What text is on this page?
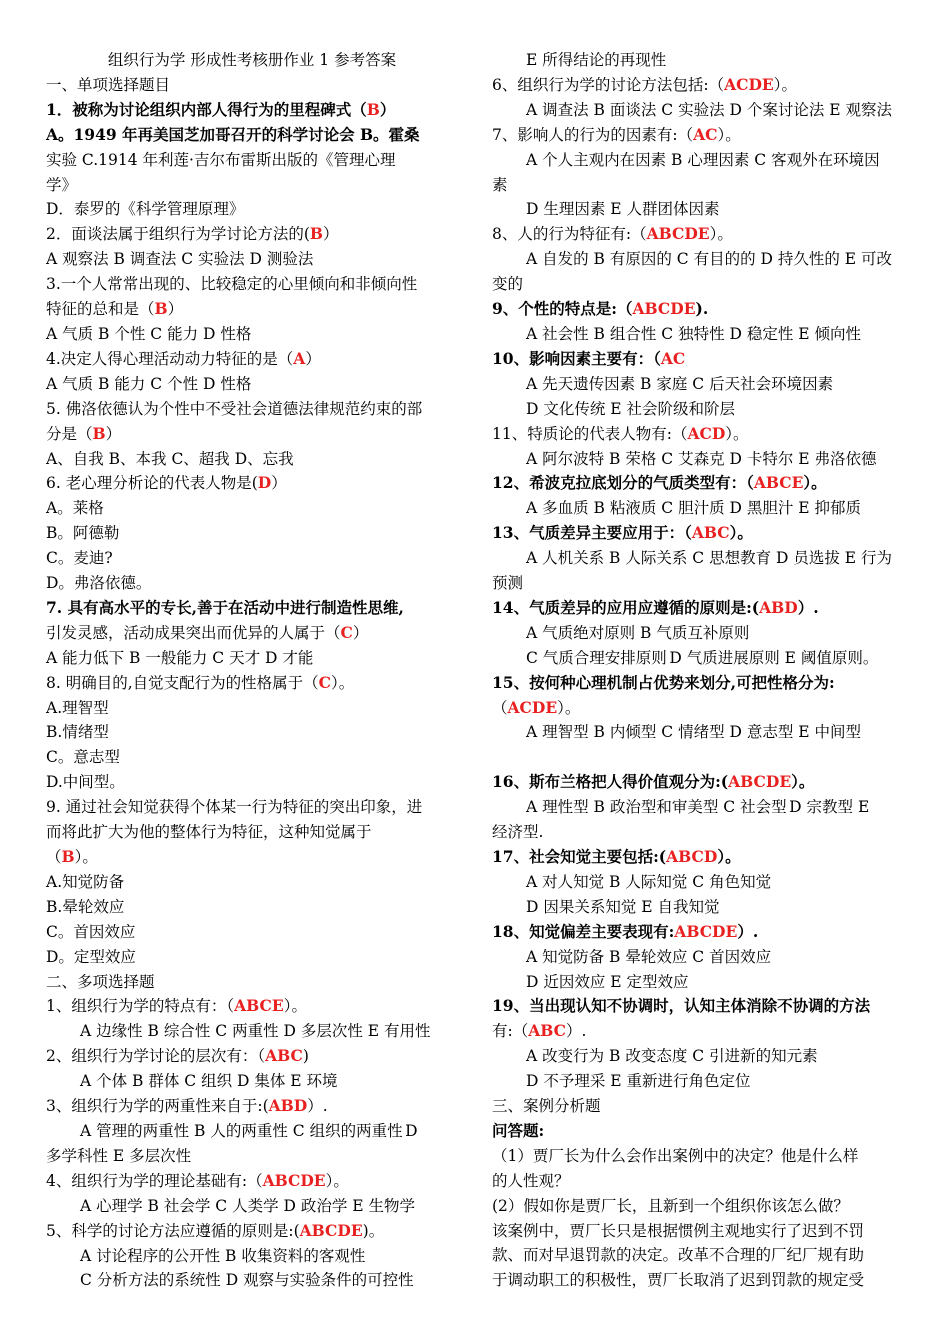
组织行为学 形成性考核册作业 1 参考答案
一、单项选择题目
1．被称为讨论组织内部人得行为的里程碑式（B）
A。1949 年再美国芝加哥召开的科学讨论会 B。霍桑
实验 C.1914 年利莲·吉尔布雷斯出版的《管理心理
学》
D．泰罗的《科学管理原理》
2．面谈法属于组织行为学讨论方法的(B）
A 观察法 B 调查法 C 实验法 D 测验法
3.一个人常常出现的、比较稳定的心里倾向和非倾向性
特征的总和是（B）
A 气质 B 个性 C 能力 D 性格
4.决定人得心理活动动力特征的是（A）
A 气质 B 能力 C 个性 D 性格
5. 佛洛依德认为个性中不受社会道德法律规范约束的部
分是（B）
A、自我 B、本我 C、超我 D、忘我
6. 老心理分析论的代表人物是(D）
A。莱格
B。阿德勒
C。麦迪?
D。弗洛依德。
7. 具有高水平的专长,善于在活动中进行制造性思维,
引发灵感，活动成果突出而优异的人属于（C）
A 能力低下 B 一般能力 C 天才 D 才能
8. 明确目的,自觉支配行为的性格属于（C）。
A.理智型
B.情绪型
C。意志型
D.中间型。
9. 通过社会知觉获得个体某一行为特征的突出印象，进
而将此扩大为他的整体行为特征，这种知觉属于
（B）。
A.知觉防备
B.晕轮效应
C。首因效应
D。定型效应
二、多项选择题
1、组织行为学的特点有：（ABCE）。
A 边缘性 B 综合性 C 两重性 D 多层次性 E 有用性
2、组织行为学讨论的层次有：（ABC)
A 个体 B 群体 C 组织 D 集体 E 环境
3、组织行为学的两重性来自于:(ABD）.
A 管理的两重性 B 人的两重性 C 组织的两重性 D
多学科性 E 多层次性
4、组织行为学的理论基础有:（ABCDE）。
A 心理学 B 社会学 C 人类学 D 政治学 E 生物学
5、科学的讨论方法应遵循的原则是:(ABCDE)。
A 讨论程序的公开性 B 收集资料的客观性
C 分析方法的系统性 D 观察与实验条件的可控性
E 所得结论的再现性
6、组织行为学的讨论方法包括:（ACDE）。
A 调查法 B 面谈法 C 实验法 D 个案讨论法 E 观察法
7、影响人的行为的因素有:（AC）。
A 个人主观内在因素 B 心理因素 C 客观外在环境因
素
D 生理因素 E 人群团体因素
8、人的行为特征有:（ABCDE）。
A 自发的 B 有原因的 C 有目的的 D 持久性的 E 可改
变的
9、个性的特点是:（ABCDE).
A 社会性 B 组合性 C 独特性 D 稳定性 E 倾向性
10、影响因素主要有：（AC
A 先天遗传因素 B 家庭 C 后天社会环境因素
D 文化传统 E 社会阶级和阶层
11、特质论的代表人物有:（ACD）。
A 阿尔波特 B 荣格 C 艾森克 D 卡特尔 E 弗洛依德
12、希波克拉底划分的气质类型有：（ABCE）。
A 多血质 B 粘液质 C 胆汁质 D 黑胆汁 E 抑郁质
13、气质差异主要应用于：（ABC）。
A 人机关系 B 人际关系 C 思想教育 D 员选拔 E 行为
预测
14、气质差异的应用应遵循的原则是:(ABD）.
A 气质绝对原则 B 气质互补原则
C 气质合理安排原则 D 气质进展原则 E 阈值原则。
15、按何种心理机制占优势来划分,可把性格分为:
（ACDE）。
A 理智型 B 内倾型 C 情绪型 D 意志型 E 中间型
16、斯布兰格把人得价值观分为:(ABCDE）。
A 理性型 B 政治型和审美型 C 社会型 D 宗教型 E
经济型.
17、社会知觉主要包括:(ABCD）。
A 对人知觉 B 人际知觉 C 角色知觉
D 因果关系知觉 E 自我知觉
18、知觉偏差主要表现有:ABCDE）.
A 知觉防备 B 晕轮效应 C 首因效应
D 近因效应 E 定型效应
19、当出现认知不协调时，认知主体消除不协调的方法
有:（ABC）.
A 改变行为 B 改变态度 C 引进新的知元素
D 不予理采 E 重新进行角色定位
三、案例分析题
问答题:
（1）贾厂长为什么会作出案例中的决定？他是什么样
的人性观？
(2）假如你是贾厂长，且新到一个组织你该怎么做？
该案例中，贾厂长只是根据惯例主观地实行了迟到不罚
款、而对早退罚款的决定。改革不合理的厂纪厂规有助
于调动职工的积极性，贾厂长取消了迟到罚款的规定受
